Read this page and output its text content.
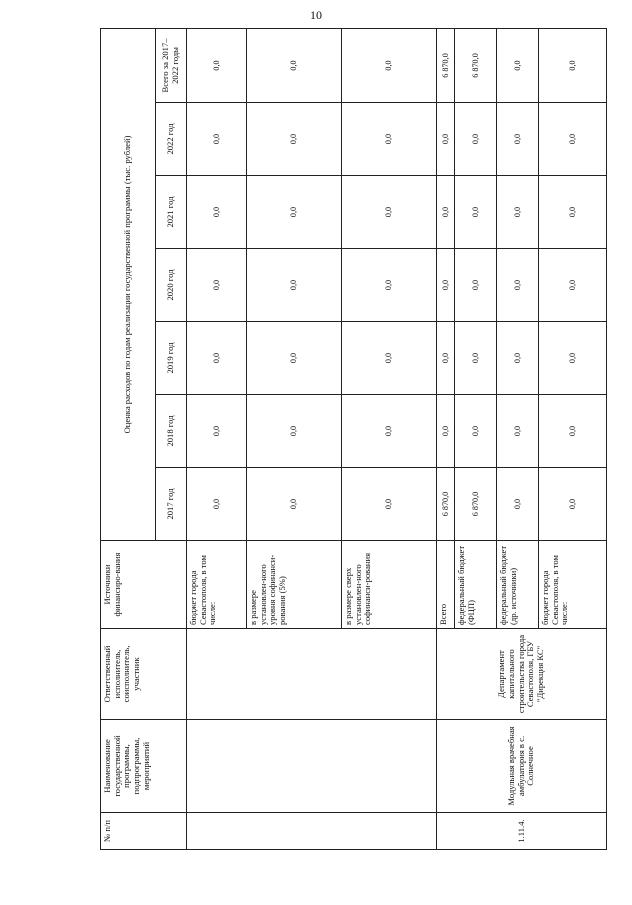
10
№ п/п	Наименование государственной программы, подпрограммы, мероприятий	Ответственный исполнитель, соисполнитель, участник	Источники финансиро-вания	Оценка расходов по годам реализации государственной программы (тыс. рублей)						
				2017 год	2018 год	2019 год	2020 год	2021 год	2022 год	Всего за 2017–2022 годы
			бюджет города Севастополя, в том числе:	0,0	0,0	0,0	0,0	0,0	0,0	0,0
			в размере установлен-ного уровня софинанси-рования (5%)	0,0	0,0	0,0	0,0	0,0	0,0	0,0
			в размере сверх установлен-ного софинанси-рования	0,0	0,0	0,0	0,0	0,0	0,0	0,0
1.11.4.	Модульная врачебная амбулатория в с. Солнечное	Департамент капитального строительства города Севастополя, ГБУ "Дирекция КС"	Всего	6 870,0	0,0	0,0	0,0	0,0	0,0	6 870,0
			федеральный бюджет (ФЦП)	6 870,0	0,0	0,0	0,0	0,0	0,0	6 870,0
			федеральный бюджет (др. источники)	0,0	0,0	0,0	0,0	0,0	0,0	0,0
			бюджет города Севастополя, в том числе:	0,0	0,0	0,0	0,0	0,0	0,0	0,0
